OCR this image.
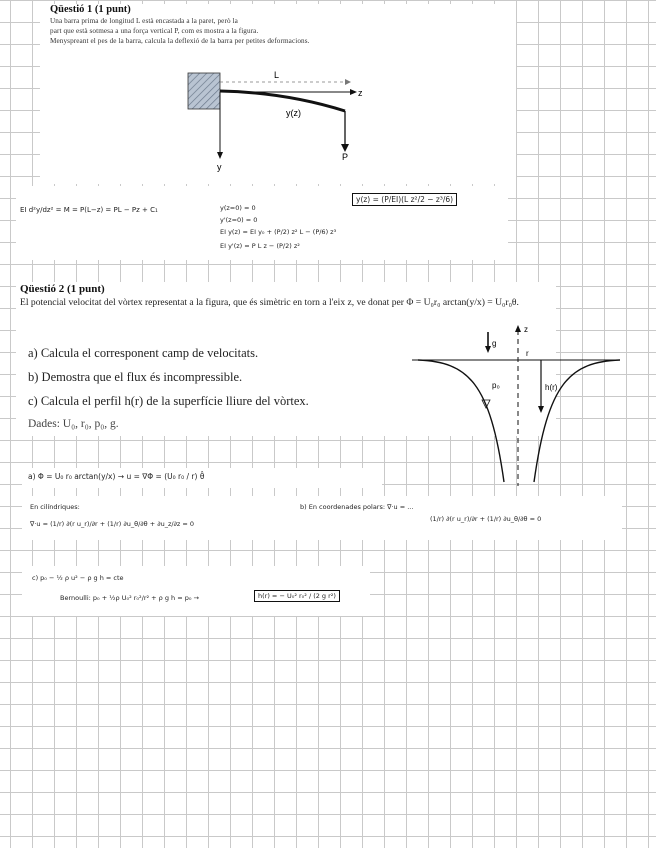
Qüestió 1 (1 punt)
Una barra prima de longitud L està encastada a la paret, però la
part que està sotmesa a una força vertical P, com es mostra a la figura.
Menyspreant el pes de la barra, calcula la deflexió de la barra per petites deformacions.
L
z
y
P
y(z)
EI d²y/dz² = M = P(L−z) = PL − Pz + C₁	y(z=0) = 0
y'(z=0) = 0
EI y(z) = EI y₀ + (P/2) z² L − (P/6) z³
EI y'(z) = P L z − (P/2) z²
y(z) = (P/EI)(L z²/2 − z³/6)
Qüestió 2 (1 punt)
El potencial velocitat del vòrtex representat a la figura, que és simètric en torn a l'eix z, ve donat per Φ = U₀r₀ arctan(y/x) = U₀r₀θ.
a) Calcula el corresponent camp de velocitats.
b) Demostra que el flux és incompressible.
c) Calcula el perfil h(r) de la superfície lliure del vòrtex.
Dades: U₀, r₀, p₀, g.
g
z
r
h(r)
p₀
a) Φ = U₀ r₀ arctan(y/x) → u = ∇Φ = (U₀ r₀ / r) θ̂
En cilíndriques:
∇·u = (1/r) ∂(r u_r)/∂r + (1/r) ∂u_θ/∂θ + ∂u_z/∂z = 0
b) En coordenades polars: ∇·u = ...
(1/r) ∂(r u_r)/∂r + (1/r) ∂u_θ/∂θ = 0
c) p₀ − ½ ρ u² − ρ g h = cte
Bernoulli: p₀ + ½ρ U₀² r₀²/r² + ρ g h = p₀ →	h(r) = − U₀² r₀² / (2 g r²)
